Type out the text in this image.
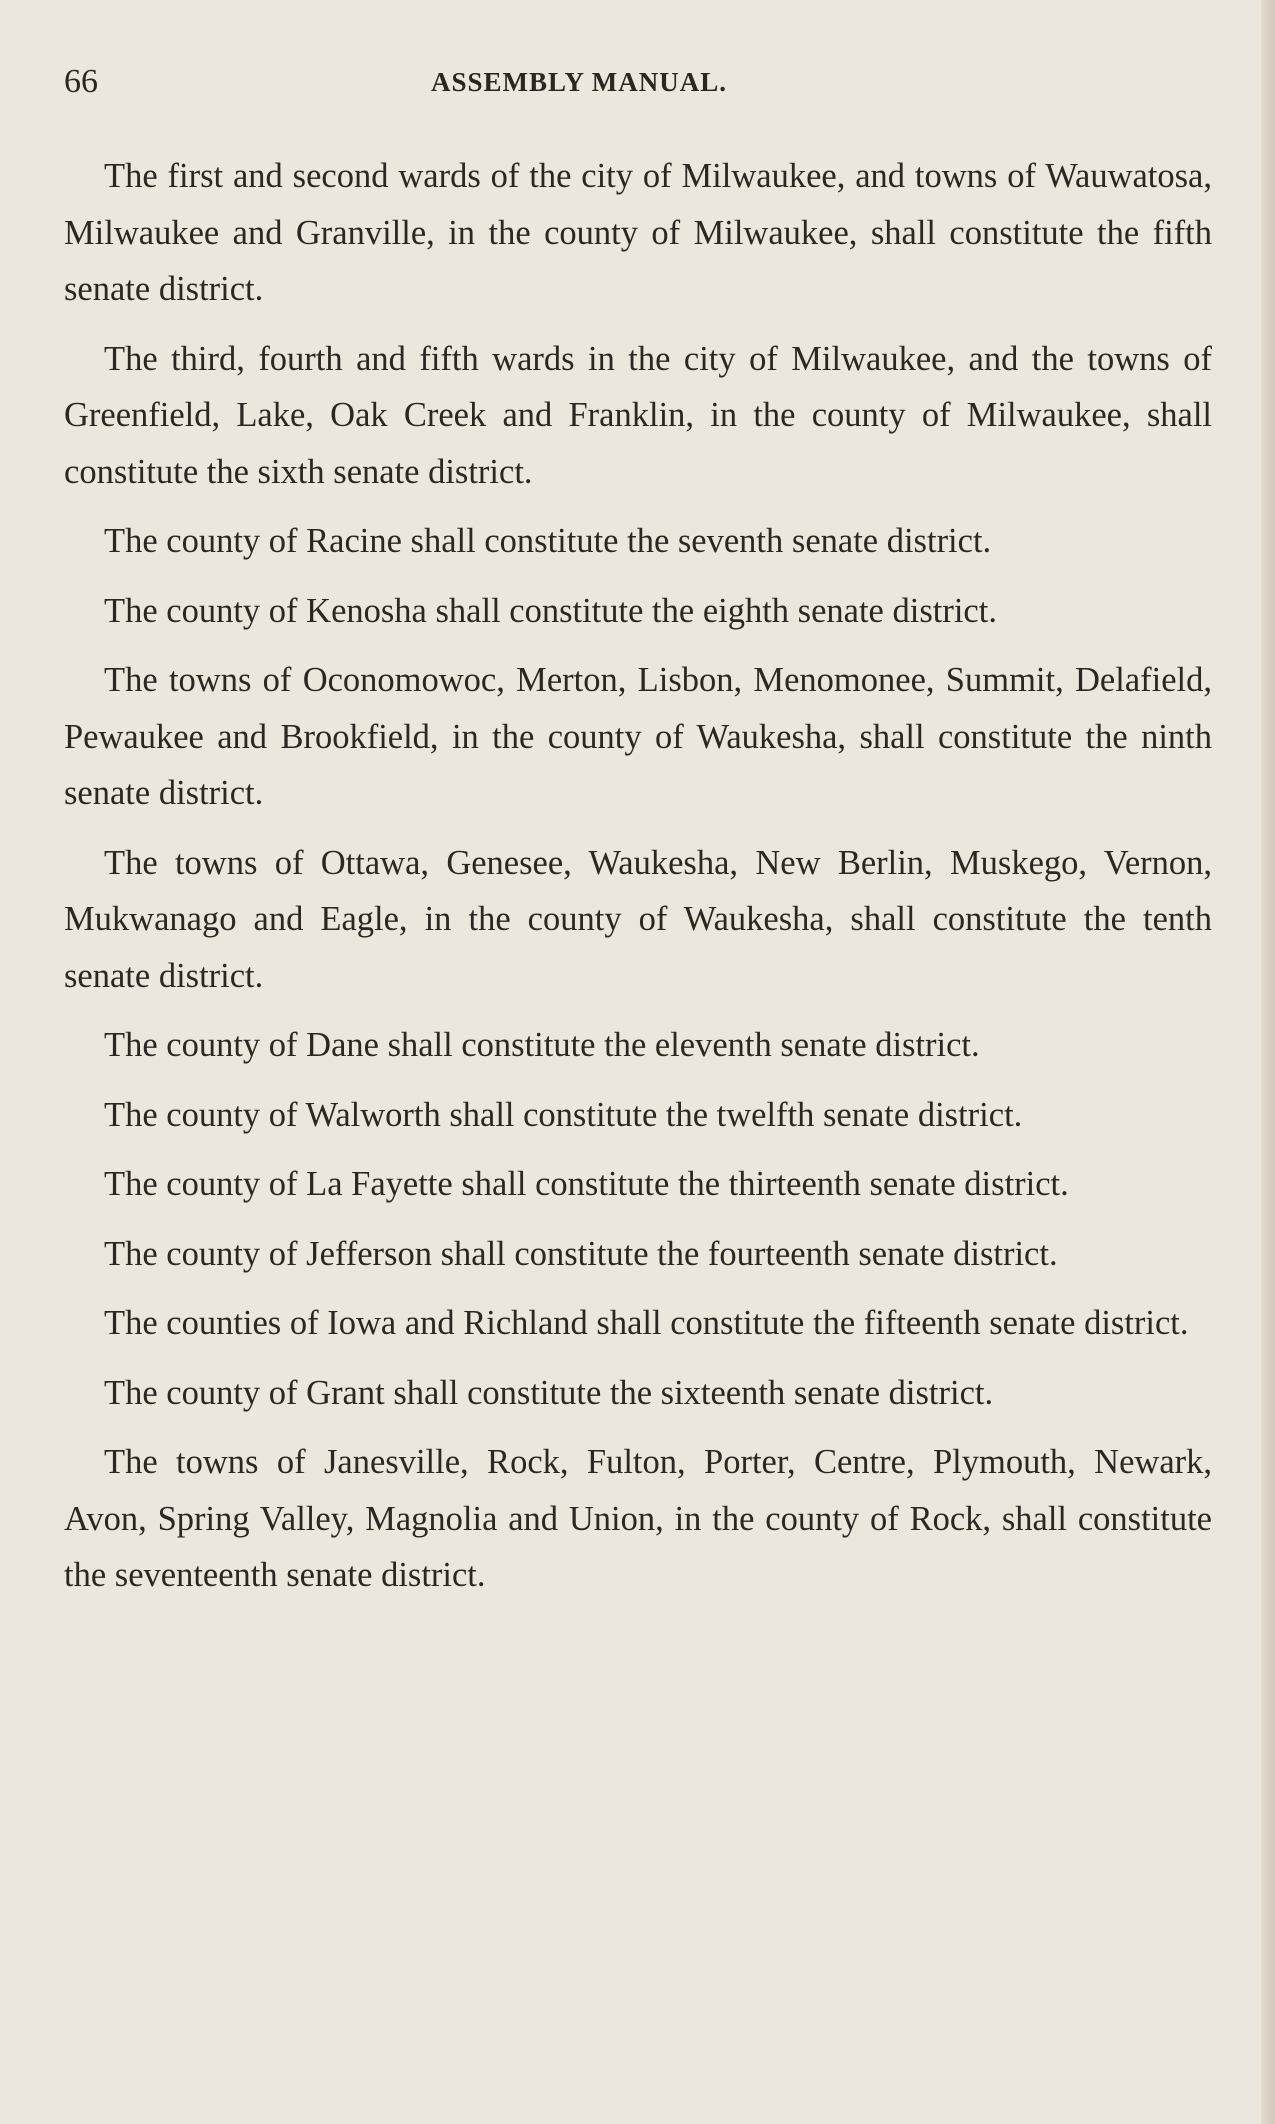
66	ASSEMBLY MANUAL.

The first and second wards of the city of Milwaukee, and towns of Wauwatosa, Milwaukee and Granville, in the county of Milwaukee, shall constitute the fifth senate district.

The third, fourth and fifth wards in the city of Milwaukee, and the towns of Greenfield, Lake, Oak Creek and Franklin, in the county of Milwaukee, shall constitute the sixth senate district.

The county of Racine shall constitute the seventh senate district.

The county of Kenosha shall constitute the eighth senate district.

The towns of Oconomowoc, Merton, Lisbon, Menomonee, Summit, Delafield, Pewaukee and Brookfield, in the county of Waukesha, shall constitute the ninth senate district.

The towns of Ottawa, Genesee, Waukesha, New Berlin, Muskego, Vernon, Mukwanago and Eagle, in the county of Waukesha, shall constitute the tenth senate district.

The county of Dane shall constitute the eleventh senate district.

The county of Walworth shall constitute the twelfth senate district.

The county of La Fayette shall constitute the thirteenth senate district.

The county of Jefferson shall constitute the fourteenth senate district.

The counties of Iowa and Richland shall constitute the fifteenth senate district.

The county of Grant shall constitute the sixteenth senate district.

The towns of Janesville, Rock, Fulton, Porter, Centre, Plymouth, Newark, Avon, Spring Valley, Magnolia and Union, in the county of Rock, shall constitute the seventeenth senate district.
